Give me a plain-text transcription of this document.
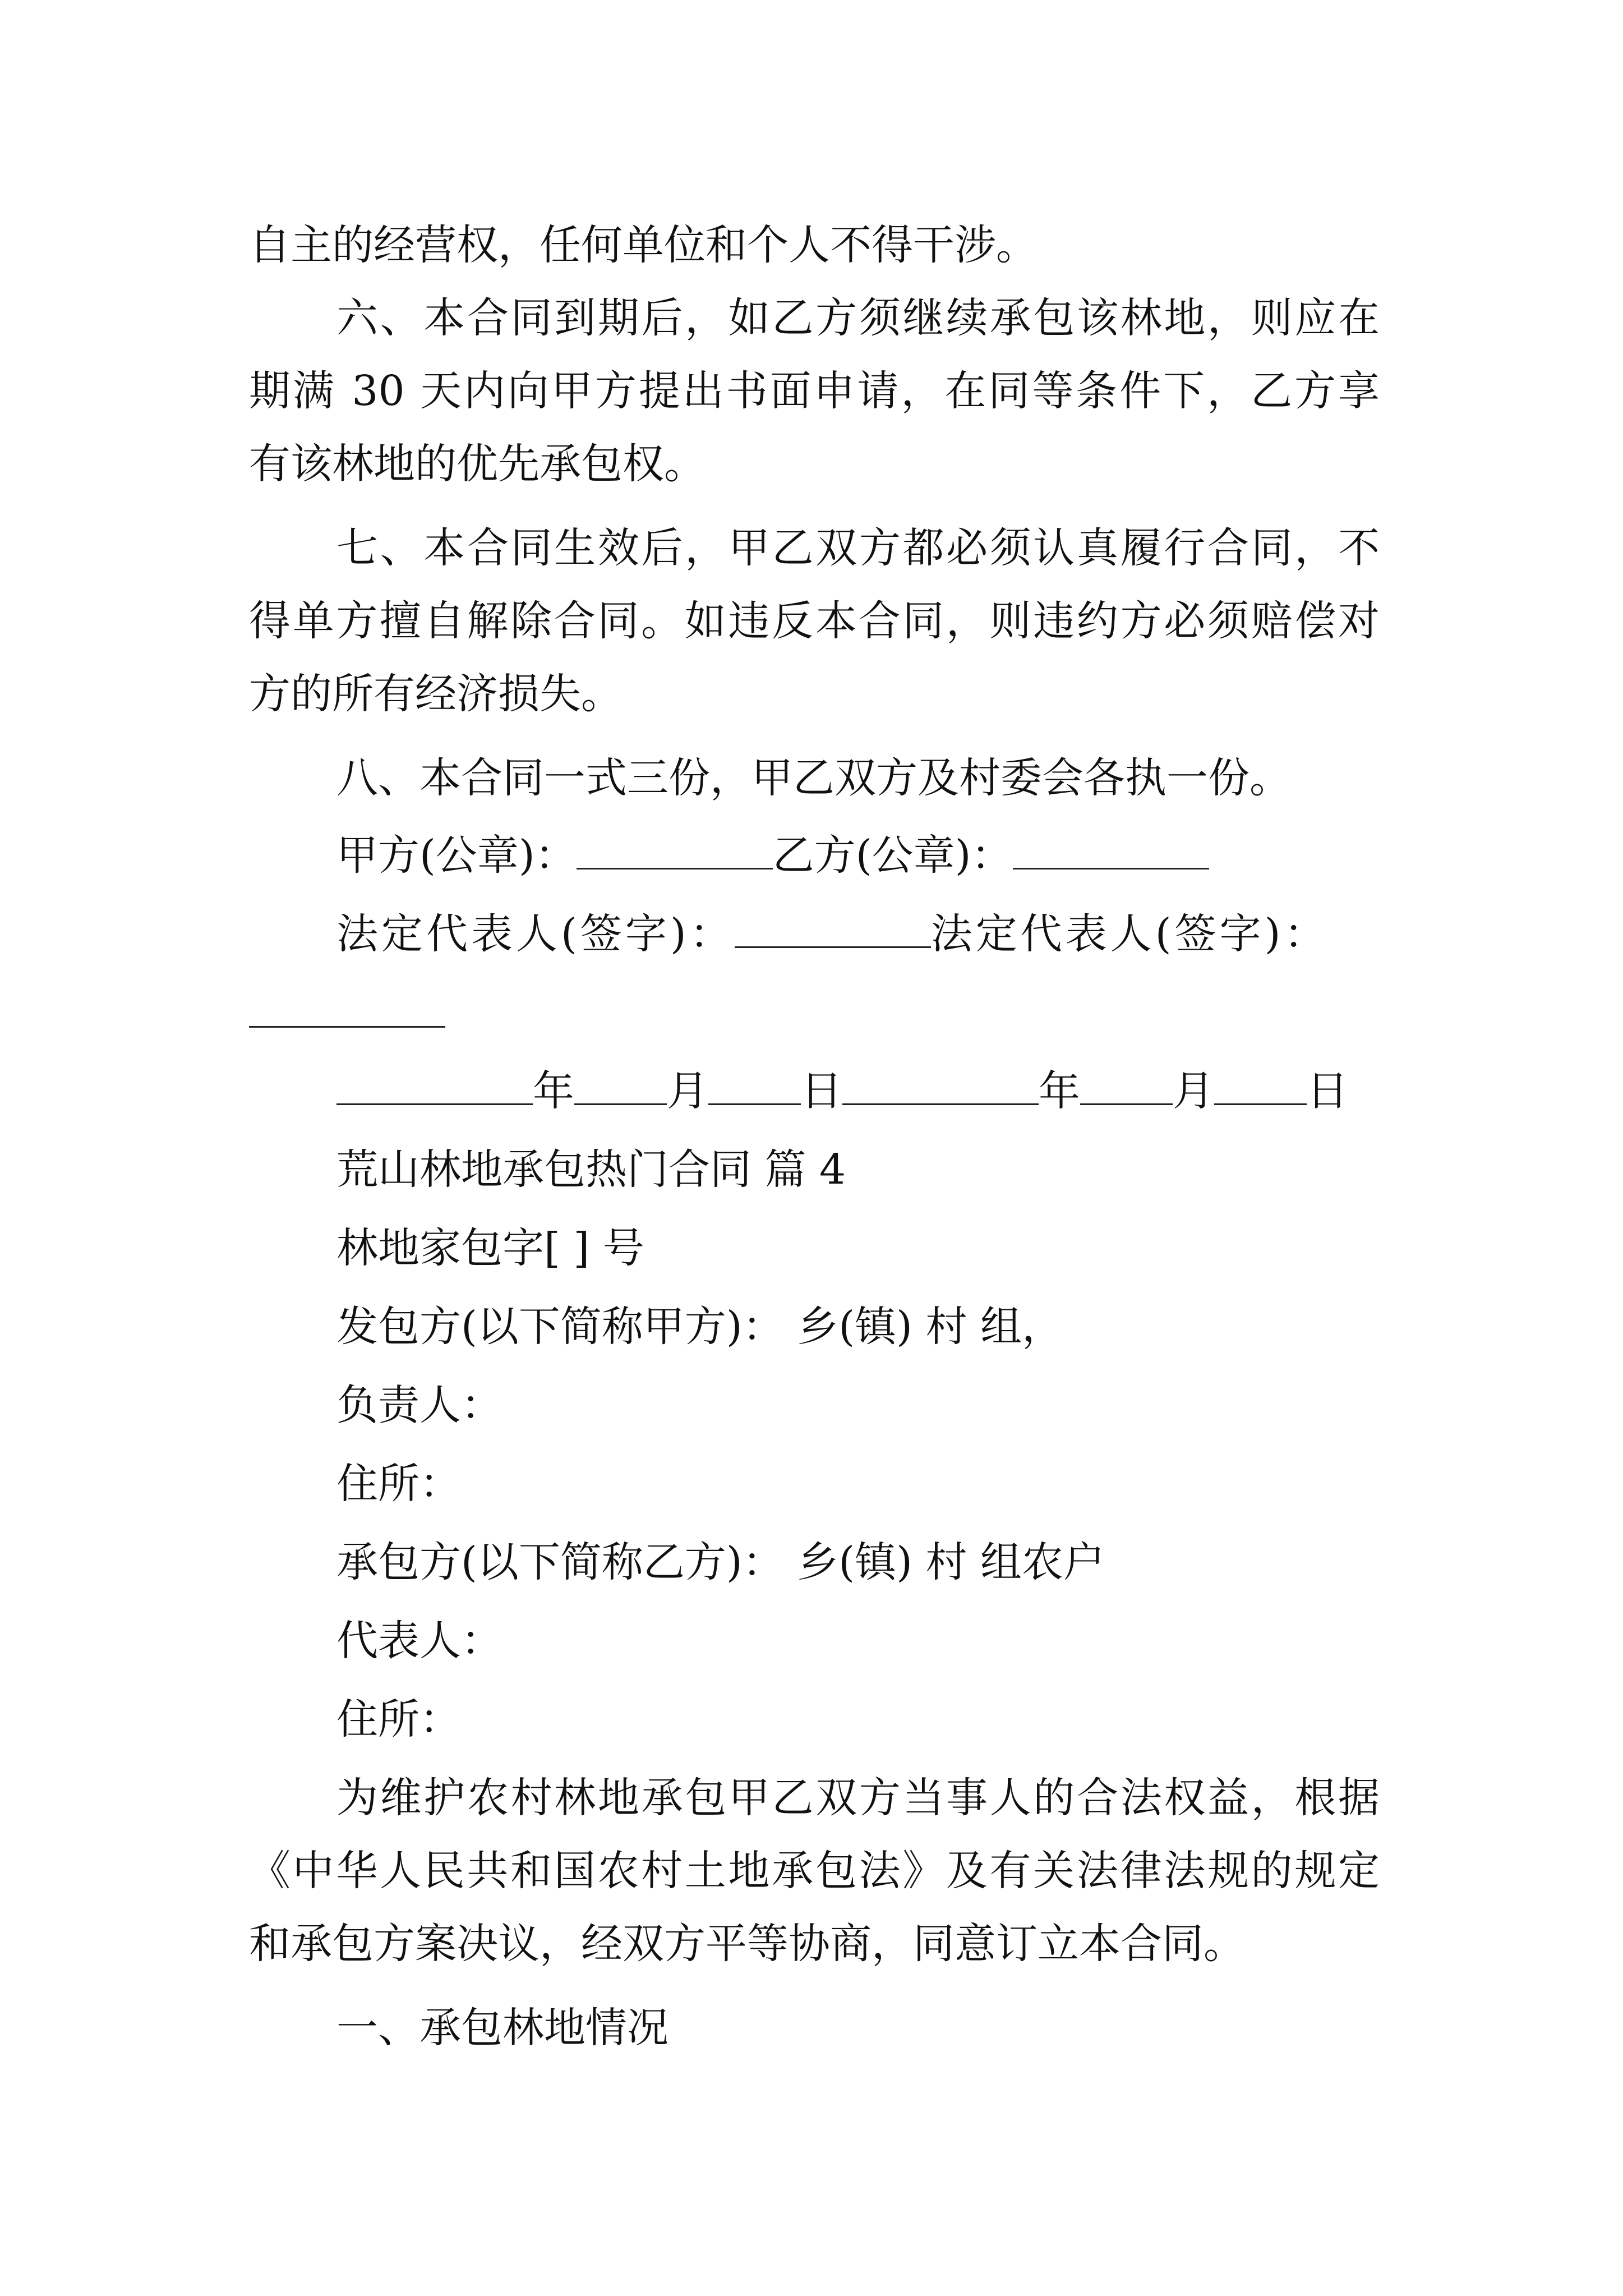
自主的经营权，任何单位和个人不得干涉。
六、本合同到期后，如乙方须继续承包该林地，则应在
期满 30 天内向甲方提出书面申请，在同等条件下，乙方享
有该林地的优先承包权。
七、本合同生效后，甲乙双方都必须认真履行合同，不
得单方擅自解除合同。如违反本合同，则违约方必须赔偿对
方的所有经济损失。
八、本合同一式三份，甲乙双方及村委会各执一份。
甲方(公章)：	乙方(公章)：
法定代表人(签字)：	法定代表人(签字)：
年 月 日	年 月 日
荒山林地承包热门合同 篇 4
林地家包字[ ] 号
发包方(以下简称甲方)： 乡(镇) 村 组，
负责人：
住所：
承包方(以下简称乙方)： 乡(镇) 村 组农户
代表人：
住所：
为维护农村林地承包甲乙双方当事人的合法权益，根据
《中华人民共和国农村土地承包法》及有关法律法规的规定
和承包方案决议，经双方平等协商，同意订立本合同。
一、承包林地情况
